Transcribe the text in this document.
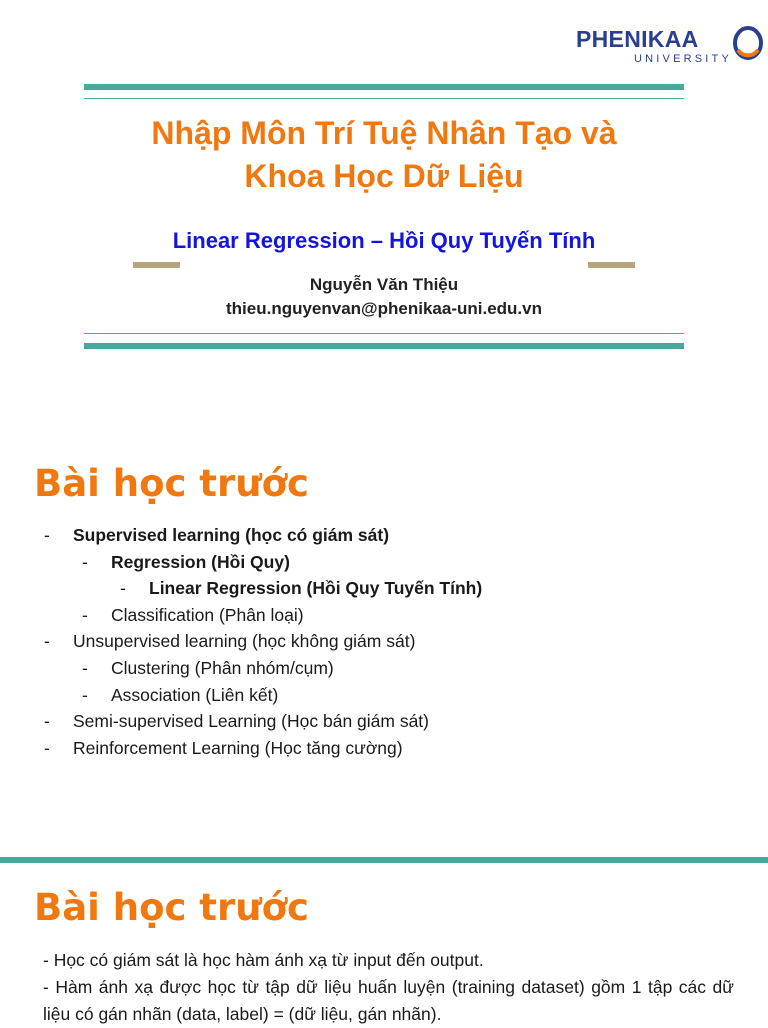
PHENIKAA
UNIVERSITY
Nhập Môn Trí Tuệ Nhân Tạo và
Khoa Học Dữ Liệu
Linear Regression – Hồi Quy Tuyến Tính
Nguyễn Văn Thiệu
thieu.nguyenvan@phenikaa-uni.edu.vn
Bài học trước
- Supervised learning (học có giám sát)
- Regression (Hồi Quy)
- Linear Regression (Hồi Quy Tuyến Tính)
- Classification (Phân loại)
- Unsupervised learning (học không giám sát)
- Clustering (Phân nhóm/cụm)
- Association (Liên kết)
- Semi-supervised Learning (Học bán giám sát)
- Reinforcement Learning (Học tăng cường)
Bài học trước
- Học có giám sát là học hàm ánh xạ từ input đến output.
- Hàm ánh xạ được học từ tập dữ liệu huấn luyện (training dataset) gồm 1 tập các dữ liệu có gán nhãn (data, label) = (dữ liệu, gán nhãn).
